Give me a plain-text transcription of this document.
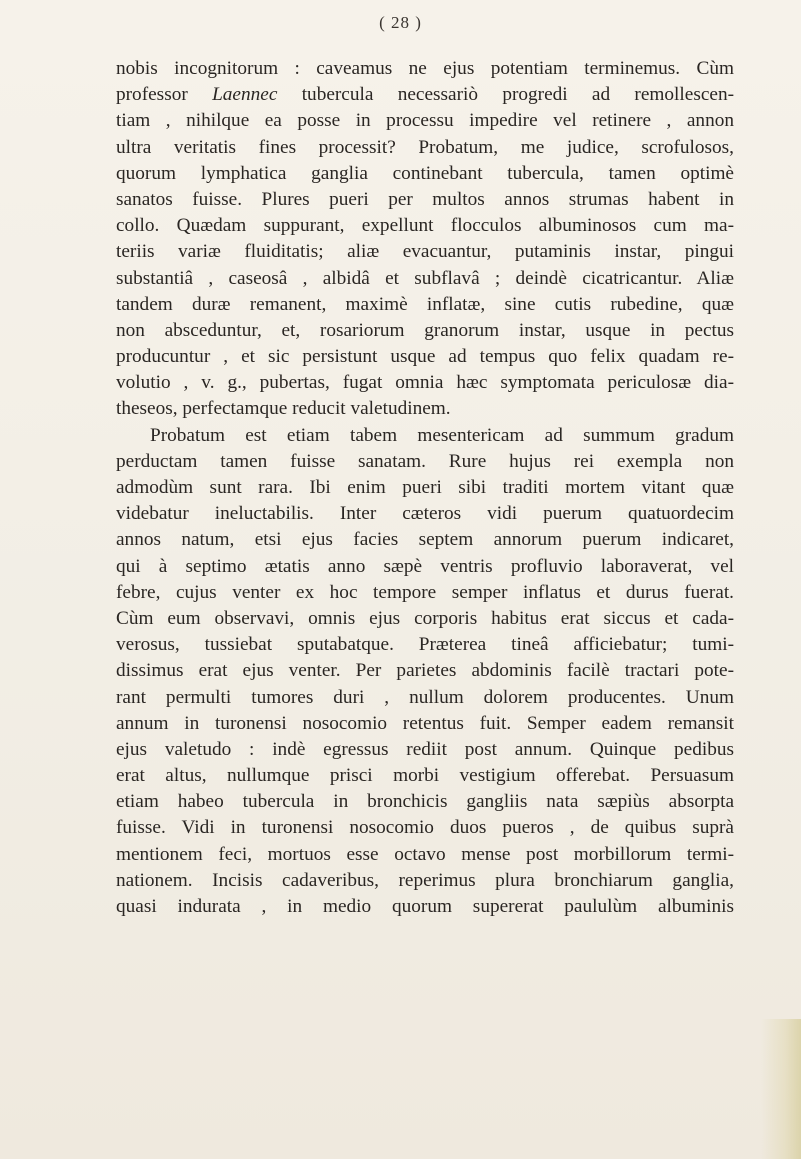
( 28 )
nobis incognitorum : caveamus ne ejus potentiam terminemus. Cùm
professor Laennec tubercula necessariò progredi ad remollescen-
tiam , nihilque ea posse in processu impedire vel retinere , annon
ultra veritatis fines processit? Probatum, me judice, scrofulosos,
quorum lymphatica ganglia continebant tubercula, tamen optimè
sanatos fuisse. Plures pueri per multos annos strumas habent in
collo. Quædam suppurant, expellunt flocculos albuminosos cum ma-
teriis variæ fluiditatis; aliæ evacuantur, putaminis instar, pingui
substantiâ , caseosâ , albidâ et subflavâ ; deindè cicatricantur. Aliæ
tandem duræ remanent, maximè inflatæ, sine cutis rubedine, quæ
non absceduntur, et, rosariorum granorum instar, usque in pectus
producuntur , et sic persistunt usque ad tempus quo felix quadam re-
volutio , v. g., pubertas, fugat omnia hæc symptomata periculosæ dia-
theseos, perfectamque reducit valetudinem.
Probatum est etiam tabem mesentericam ad summum gradum
perductam tamen fuisse sanatam. Rure hujus rei exempla non
admodùm sunt rara. Ibi enim pueri sibi traditi mortem vitant quæ
videbatur ineluctabilis. Inter cæteros vidi puerum quatuordecim
annos natum, etsi ejus facies septem annorum puerum indicaret,
qui à septimo ætatis anno sæpè ventris profluvio laboraverat, vel
febre, cujus venter ex hoc tempore semper inflatus et durus fuerat.
Cùm eum observavi, omnis ejus corporis habitus erat siccus et cada-
verosus, tussiebat sputabatque. Præterea tineâ afficiebatur; tumi-
dissimus erat ejus venter. Per parietes abdominis facilè tractari pote-
rant permulti tumores duri , nullum dolorem producentes. Unum
annum in turonensi nosocomio retentus fuit. Semper eadem remansit
ejus valetudo : indè egressus rediit post annum. Quinque pedibus
erat altus, nullumque prisci morbi vestigium offerebat. Persuasum
etiam habeo tubercula in bronchicis gangliis nata sæpiùs absorpta
fuisse. Vidi in turonensi nosocomio duos pueros , de quibus suprà
mentionem feci, mortuos esse octavo mense post morbillorum termi-
nationem. Incisis cadaveribus, reperimus plura bronchiarum ganglia,
quasi indurata , in medio quorum supererat paululùm albuminis
